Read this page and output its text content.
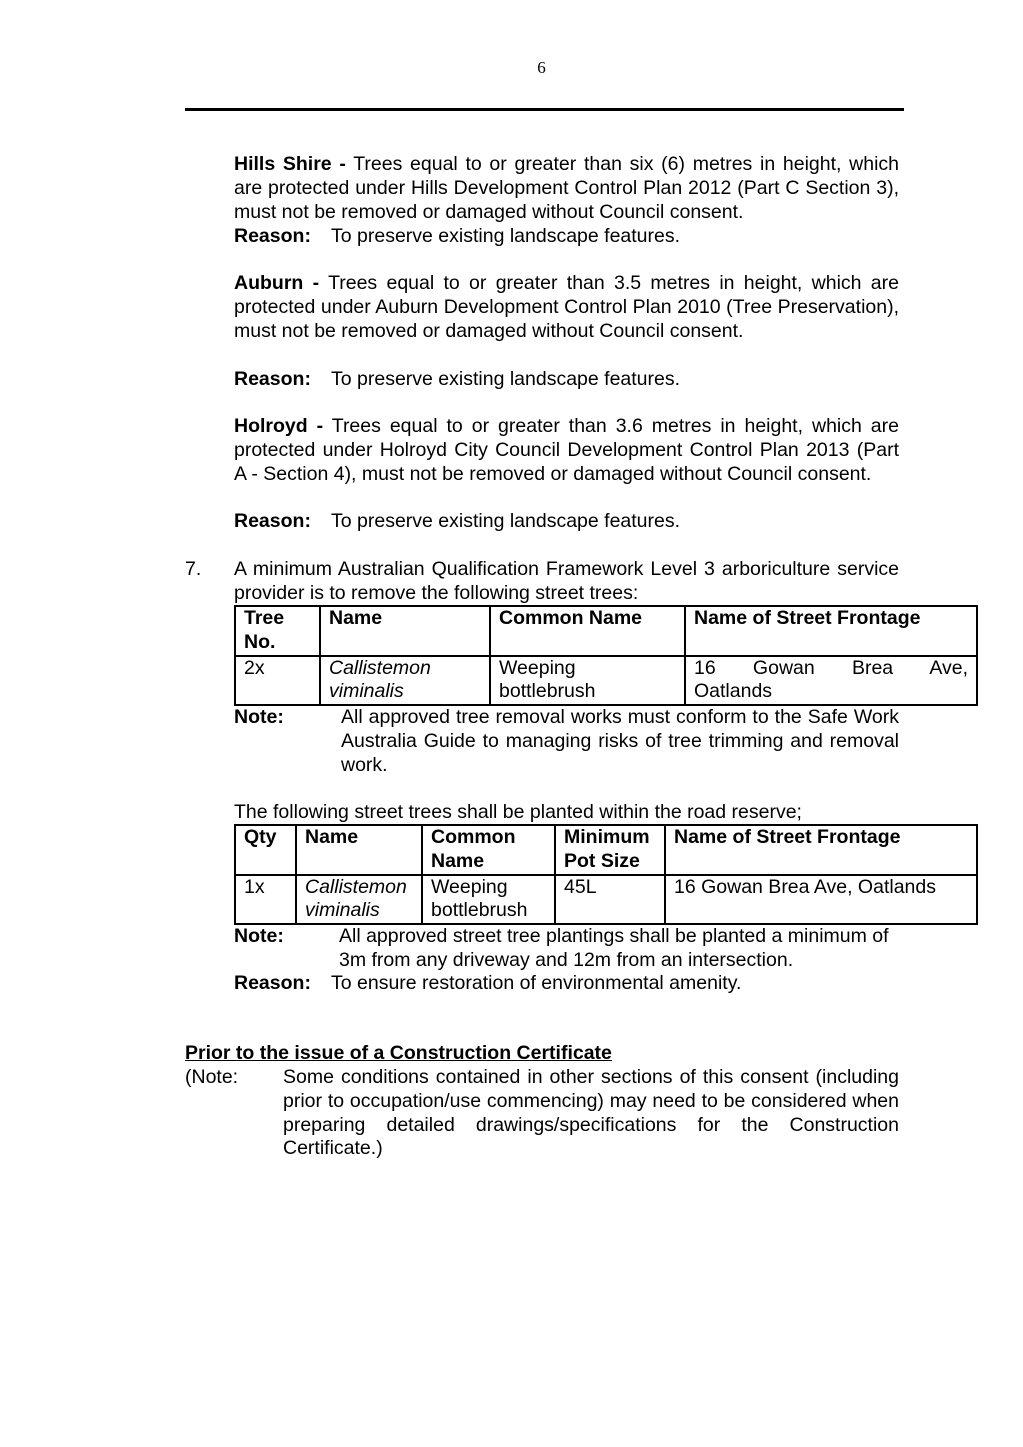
6
Hills Shire - Trees equal to or greater than six (6) metres in height, which are protected under Hills Development Control Plan 2012 (Part C Section 3), must not be removed or damaged without Council consent.
Reason: To preserve existing landscape features.
Auburn - Trees equal to or greater than 3.5 metres in height, which are protected under Auburn Development Control Plan 2010 (Tree Preservation), must not be removed or damaged without Council consent.
Reason: To preserve existing landscape features.
Holroyd - Trees equal to or greater than 3.6 metres in height, which are protected under Holroyd City Council Development Control Plan 2013 (Part A - Section 4), must not be removed or damaged without Council consent.
Reason: To preserve existing landscape features.
7. A minimum Australian Qualification Framework Level 3 arboriculture service provider is to remove the following street trees:
Tree No.	Name	Common Name	Name of Street Frontage
2x	Callistemon viminalis	Weeping bottlebrush	16 Gowan Brea Ave, Oatlands
Note:	All approved tree removal works must conform to the Safe Work Australia Guide to managing risks of tree trimming and removal work.
The following street trees shall be planted within the road reserve;
Qty	Name	Common Name	Minimum Pot Size	Name of Street Frontage
1x	Callistemon viminalis	Weeping bottlebrush	45L	16 Gowan Brea Ave, Oatlands
Note:	All approved street tree plantings shall be planted a minimum of 3m from any driveway and 12m from an intersection.
Reason: To ensure restoration of environmental amenity.
Prior to the issue of a Construction Certificate
(Note: Some conditions contained in other sections of this consent (including prior to occupation/use commencing) may need to be considered when preparing detailed drawings/specifications for the Construction Certificate.)
